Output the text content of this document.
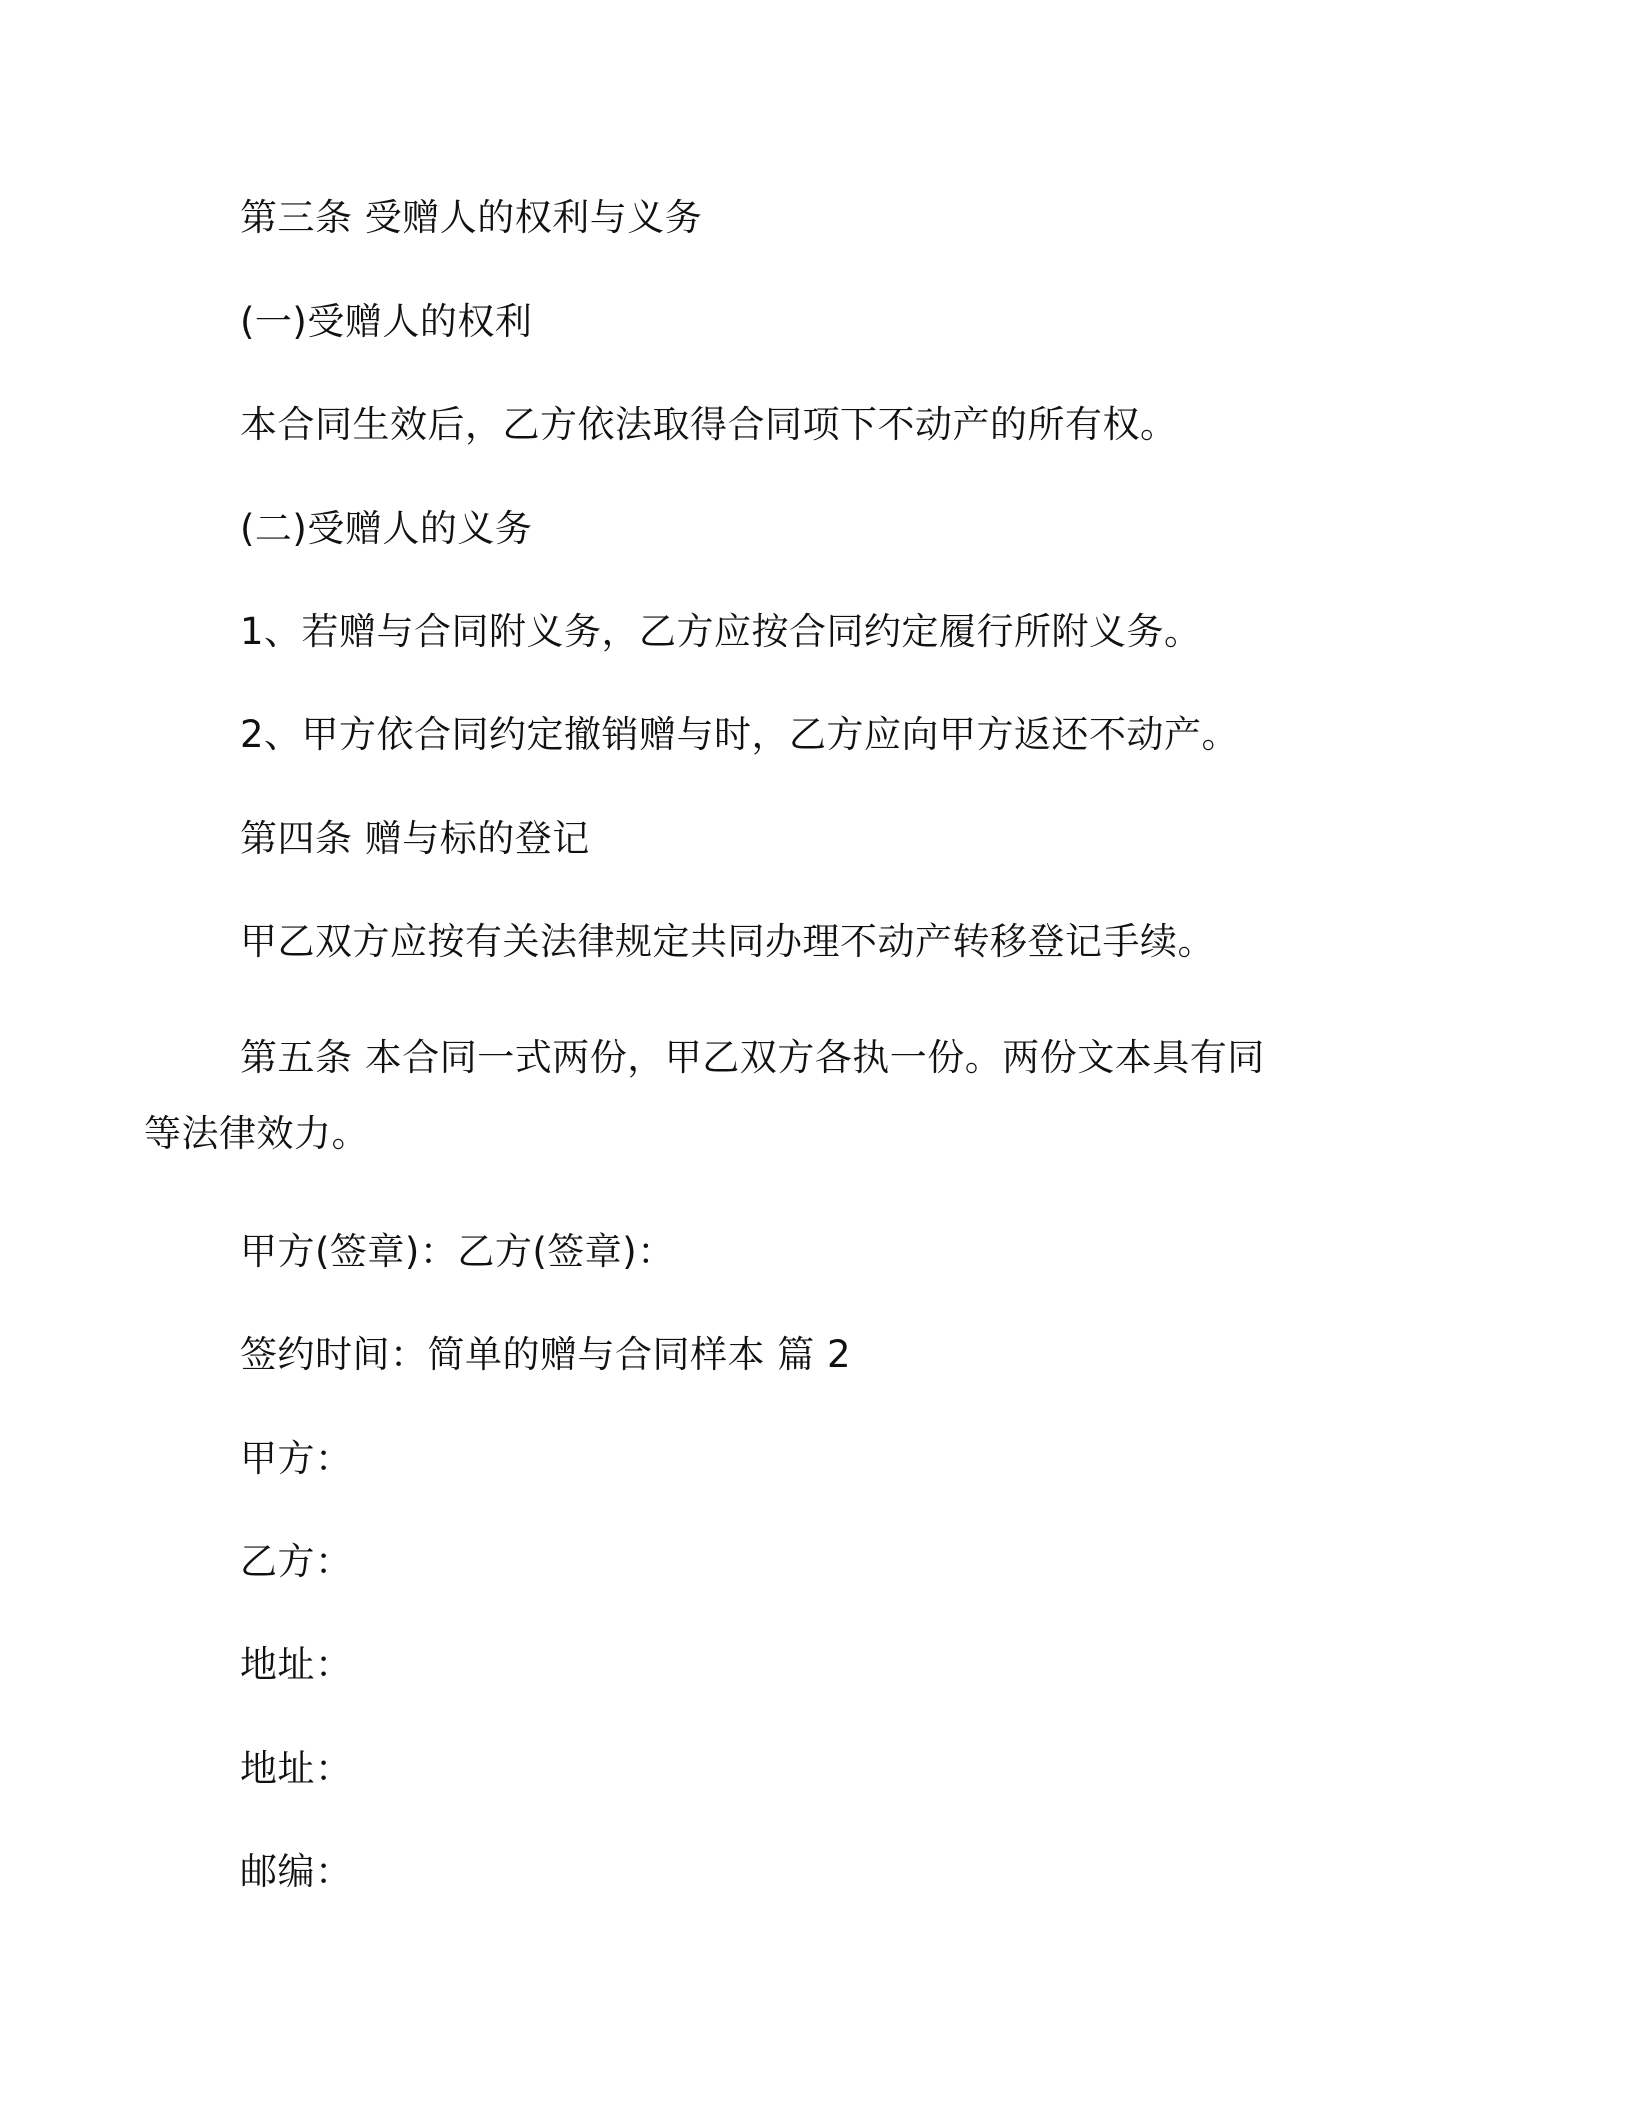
第三条 受赠人的权利与义务
(一)受赠人的权利
本合同生效后，乙方依法取得合同项下不动产的所有权。
(二)受赠人的义务
1、若赠与合同附义务，乙方应按合同约定履行所附义务。
2、甲方依合同约定撤销赠与时，乙方应向甲方返还不动产。
第四条 赠与标的登记
甲乙双方应按有关法律规定共同办理不动产转移登记手续。
第五条 本合同一式两份，甲乙双方各执一份。两份文本具有同等法律效力。
甲方(签章)：乙方(签章)：
签约时间：简单的赠与合同样本 篇 2
甲方：
乙方：
地址：
地址：
邮编：
